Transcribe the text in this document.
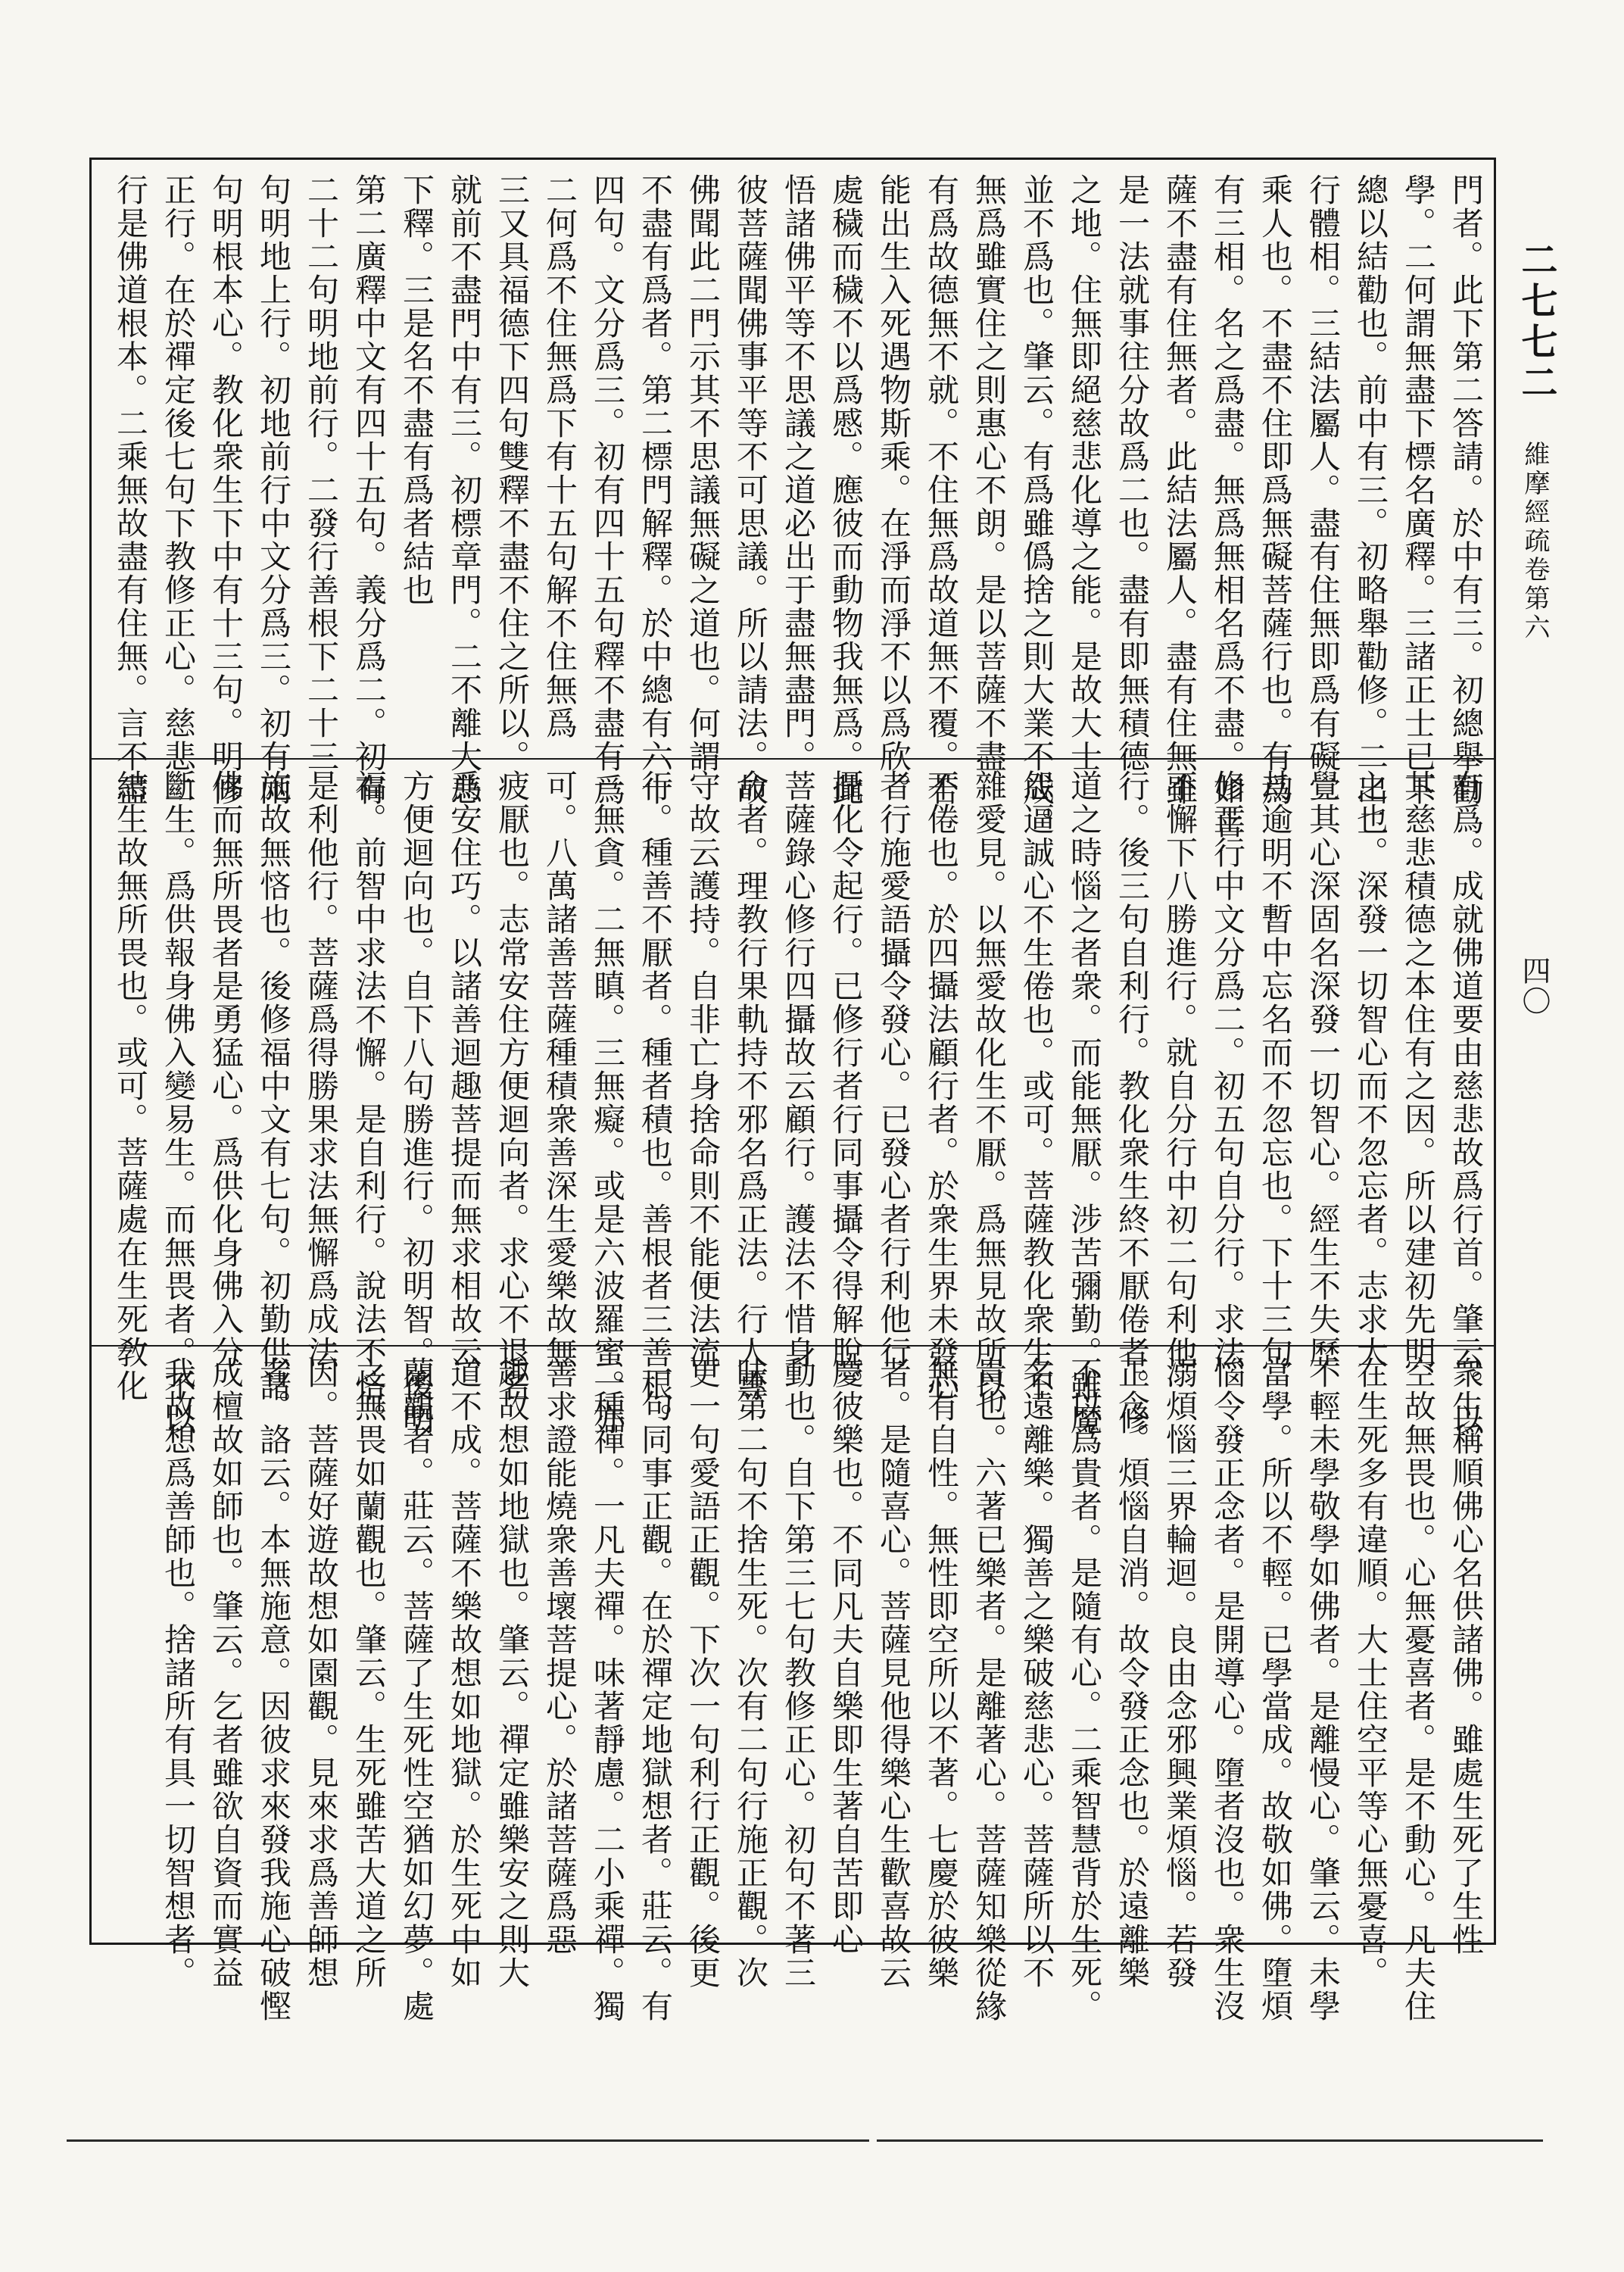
二七七二
維摩經疏卷第六
四〇
門者。此下第二答請。於中有三。初總舉勸
學。二何謂無盡下標名廣釋。三諸正士已下
總以結勸也。前中有三。初略舉勸修。二出二
行體相。三結法屬人。盡有住無即爲有礙二
乘人也。不盡不住即爲無礙菩薩行也。有爲
有三相。名之爲盡。無爲無相名爲不盡。如菩
薩不盡有住無者。此結法屬人。盡有住無雖
是一法就事往分故爲二也。盡有即無積德
之地。住無即絕慈悲化導之能。是故大士
並不爲也。肇云。有爲雖僞捨之則大業不成。
無爲雖實住之則惠心不朗。是以菩薩不盡
有爲故德無不就。不住無爲故道無不覆。若
能出生入死遇物斯乘。在淨而淨不以爲欣。
處穢而穢不以爲慼。應彼而動物我無爲。此
悟諸佛平等不思議之道必出于盡無盡門。
彼菩薩聞佛事平等不可思議。所以請法。故
佛聞此二門示其不思議無礙之道也。何謂
不盡有爲者。第二標門解釋。於中總有六十
四句。文分爲三。初有四十五句釋不盡有爲
二何爲不住無爲下有十五句解不住無爲
三又具福德下四句雙釋不盡不住之所以。
就前不盡門中有三。初標章門。二不離大悲
下釋。三是名不盡有爲者結也
第二廣釋中文有四十五句。義分爲二。初有
二十二句明地前行。二發行善根下二十三
句明地上行。初地前行中文分爲三。初有兩
句明根本心。教化衆生下中有十三句。明修
正行。在於禪定後七句下教修正心。慈悲二
行是佛道根本。二乘無故盡有住無。言不盡
有爲。成就佛道要由慈悲故爲行首。肇云。以
其慈悲積德之本住有之因。所以建初先明
之也。深發一切智心而不忽忘者。志求大
覺其心深固名深發一切智心。經生不失歷
劫逾明不暫中忘名而不忽忘也。下十三句
修正行中文分爲二。初五句自分行。求法
不懈下八勝進行。就自分行中初二句利他
行。後三句自利行。教化衆生終不厭倦者。修
道之時惱之者衆。而能無厭。涉苦彌勤。雖魔
怨逼誠心不生倦也。或可。菩薩教化衆生不
雜愛見。以無愛故化生不厭。爲無見故所以
不倦也。於四攝法顧行者。於衆生界未發心
者行施愛語攝令發心。已發心者行利他行
攝化令起行。已修行者行同事攝令得解脫。
菩薩錄心修行四攝故云顧行。護法不惜身
命者。理教行果軌持不邪名爲正法。行人專
守故云護持。自非亡身捨命則不能便法流
行。種善不厭者。種者積也。善根者三善根。
一無貪。二無瞋。三無癡。或是六波羅蜜。亦
可。八萬諸善菩薩種積衆善深生愛樂故無
疲厭也。志常安住方便迴向者。求心不退名
爲安住巧。以諸善迴趣菩提而無求相故云
方便迴向也。自下八句勝進行。初明智。後明
福。前智中求法不懈。是自利行。說法不悋。
是利他行。菩薩爲得勝果求法無懈爲成法
施故無悋也。後修福中文有七句。初勤供諸
佛而無所畏者是勇猛心。爲供化身佛入分
斷生。爲供報身佛入變易生。而無畏者。不以
結生故無所畏也。或可。菩薩處在生死敎化
衆生稱順佛心名供諸佛。雖處生死了生性
空故無畏也。心無憂喜者。是不動心。凡夫住
在生死多有違順。大士住空平等心無憂喜。
不輕未學敬學如佛者。是離慢心。肇云。未學
當學。所以不輕。已學當成。故敬如佛。墮煩
惱令發正念者。是開導心。墮者沒也。衆生沒
溺煩惱三界輪迴。良由念邪興業煩惱。若發
正念。煩惱自消。故令發正念也。於遠離樂
不以爲貴者。是隨有心。二乘智慧背於生死。
名遠離樂。獨善之樂破慈悲心。菩薩所以不
貴也。六著已樂者。是離著心。菩薩知樂從緣
無有自性。無性即空所以不著。七慶於彼樂
者。是隨喜心。菩薩見他得樂心生歡喜故云
慶彼樂也。不同凡夫自樂即生著自苦即心
動也。自下第三七句教修正心。初句不著三
昧第二句不捨生死。次有二句行施正觀。次
更一句愛語正觀。下次一句利行正觀。後更
一句同事正觀。在於禪定地獄想者。莊云。有
二種禪。一凡夫禪。味著靜慮。二小乘禪。獨
善求證能燒衆善壞菩提心。於諸菩薩爲惡
趣故想如地獄也。肇云。禪定雖樂安之則大
道不成。菩薩不樂故想如地獄。於生死中如
蘭觀者。莊云。菩薩了生死性空猶如幻夢。處
之無畏如蘭觀也。肇云。生死雖苦大道之所
因。菩薩好遊故想如園觀。見來求爲善師想
者。詻云。本無施意。因彼求來發我施心破慳
成檀故如師也。肇云。乞者雖欲自資而實益
我故想爲善師也。捨諸所有具一切智想者。
